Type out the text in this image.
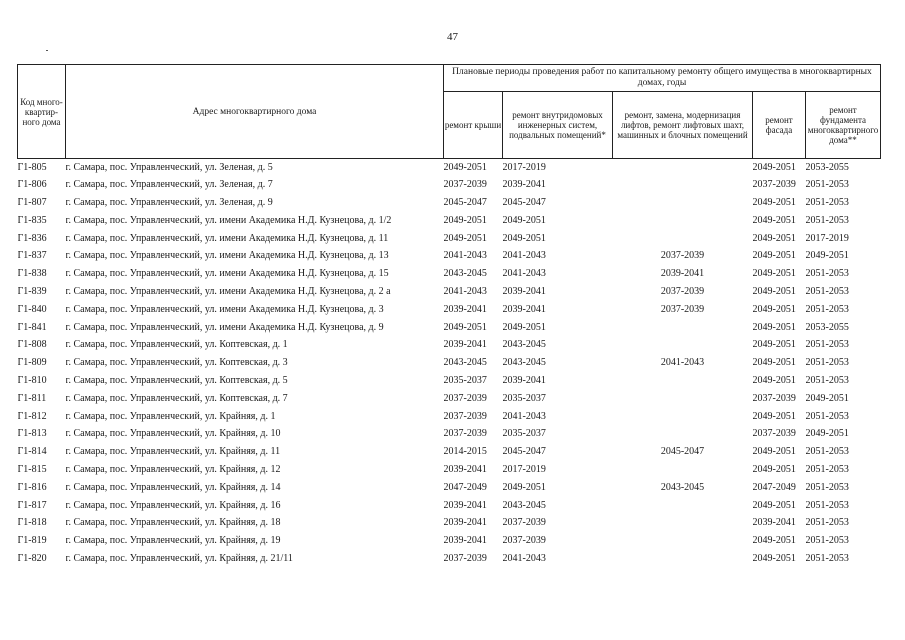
47
Код много-квартир-ного дома	Адрес многоквартирного дома	Плановые периоды проведения работ по капитальному ремонту общего имущества в многоквартирных домах, годы				
		ремонт крыши	ремонт внутридомовых инженерных систем, подвальных помещений*	ремонт, замена, модернизация лифтов, ремонт лифтовых шахт, машинных и блочных помещений	ремонт фасада	ремонт фундамента многоквартирного дома**
Г1-805	г. Самара, пос. Управленческий, ул. Зеленая, д. 5	2049-2051	2017-2019		2049-2051	2053-2055
Г1-806	г. Самара, пос. Управленческий, ул. Зеленая, д. 7	2037-2039	2039-2041		2037-2039	2051-2053
Г1-807	г. Самара, пос. Управленческий, ул. Зеленая, д. 9	2045-2047	2045-2047		2049-2051	2051-2053
Г1-835	г. Самара, пос. Управленческий, ул. имени Академика Н.Д. Кузнецова, д. 1/2	2049-2051	2049-2051		2049-2051	2051-2053
Г1-836	г. Самара, пос. Управленческий, ул. имени Академика Н.Д. Кузнецова, д. 11	2049-2051	2049-2051		2049-2051	2017-2019
Г1-837	г. Самара, пос. Управленческий, ул. имени Академика Н.Д. Кузнецова, д. 13	2041-2043	2041-2043	2037-2039	2049-2051	2049-2051
Г1-838	г. Самара, пос. Управленческий, ул. имени Академика Н.Д. Кузнецова, д. 15	2043-2045	2041-2043	2039-2041	2049-2051	2051-2053
Г1-839	г. Самара, пос. Управленческий, ул. имени Академика Н.Д. Кузнецова, д. 2 а	2041-2043	2039-2041	2037-2039	2049-2051	2051-2053
Г1-840	г. Самара, пос. Управленческий, ул. имени Академика Н.Д. Кузнецова, д. 3	2039-2041	2039-2041	2037-2039	2049-2051	2051-2053
Г1-841	г. Самара, пос. Управленческий, ул. имени Академика Н.Д. Кузнецова, д. 9	2049-2051	2049-2051		2049-2051	2053-2055
Г1-808	г. Самара, пос. Управленческий, ул. Коптевская, д. 1	2039-2041	2043-2045		2049-2051	2051-2053
Г1-809	г. Самара, пос. Управленческий, ул. Коптевская, д. 3	2043-2045	2043-2045	2041-2043	2049-2051	2051-2053
Г1-810	г. Самара, пос. Управленческий, ул. Коптевская, д. 5	2035-2037	2039-2041		2049-2051	2051-2053
Г1-811	г. Самара, пос. Управленческий, ул. Коптевская, д. 7	2037-2039	2035-2037		2037-2039	2049-2051
Г1-812	г. Самара, пос. Управленческий, ул. Крайняя, д. 1	2037-2039	2041-2043		2049-2051	2051-2053
Г1-813	г. Самара, пос. Управленческий, ул. Крайняя, д. 10	2037-2039	2035-2037		2037-2039	2049-2051
Г1-814	г. Самара, пос. Управленческий, ул. Крайняя, д. 11	2014-2015	2045-2047	2045-2047	2049-2051	2051-2053
Г1-815	г. Самара, пос. Управленческий, ул. Крайняя, д. 12	2039-2041	2017-2019		2049-2051	2051-2053
Г1-816	г. Самара, пос. Управленческий, ул. Крайняя, д. 14	2047-2049	2049-2051	2043-2045	2047-2049	2051-2053
Г1-817	г. Самара, пос. Управленческий, ул. Крайняя, д. 16	2039-2041	2043-2045		2049-2051	2051-2053
Г1-818	г. Самара, пос. Управленческий, ул. Крайняя, д. 18	2039-2041	2037-2039		2039-2041	2051-2053
Г1-819	г. Самара, пос. Управленческий, ул. Крайняя, д. 19	2039-2041	2037-2039		2049-2051	2051-2053
Г1-820	г. Самара, пос. Управленческий, ул. Крайняя, д. 21/11	2037-2039	2041-2043		2049-2051	2051-2053
